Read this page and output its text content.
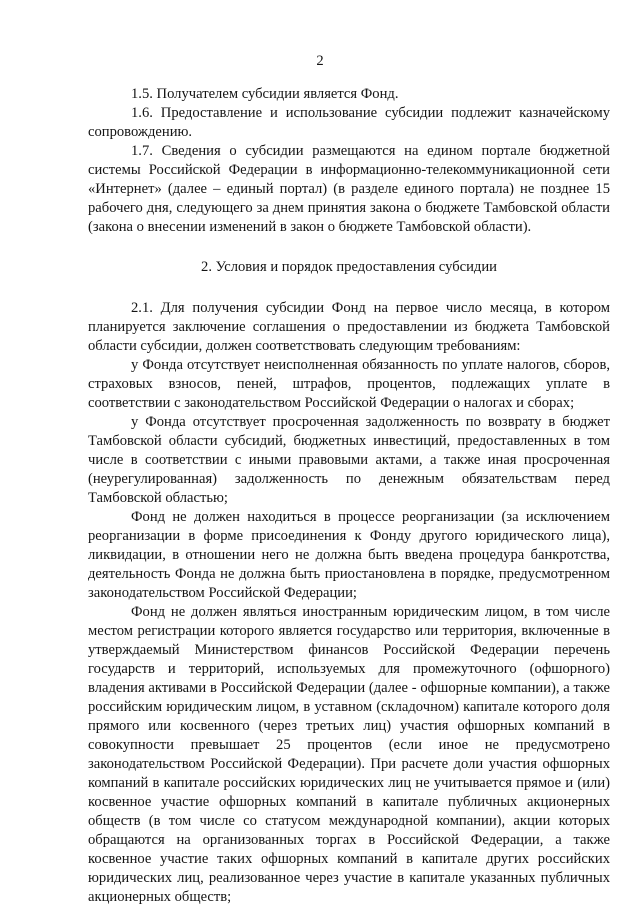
2

1.5. Получателем субсидии является Фонд.

1.6. Предоставление и использование субсидии подлежит казначейскому сопровождению.

1.7. Сведения о субсидии размещаются на едином портале бюджетной системы Российской Федерации в информационно-телекоммуникационной сети «Интернет» (далее – единый портал) (в разделе единого портала) не позднее 15 рабочего дня, следующего за днем принятия закона о бюджете Тамбовской области (закона о внесении изменений в закон о бюджете Тамбовской области).

2. Условия и порядок предоставления субсидии

2.1. Для получения субсидии Фонд на первое число месяца, в котором планируется заключение соглашения о предоставлении из бюджета Тамбовской области субсидии, должен соответствовать следующим требованиям:

у Фонда отсутствует неисполненная обязанность по уплате налогов, сборов, страховых взносов, пеней, штрафов, процентов, подлежащих уплате в соответствии с законодательством Российской Федерации о налогах и сборах;

у Фонда отсутствует просроченная задолженность по возврату в бюджет Тамбовской области субсидий, бюджетных инвестиций, предоставленных в том числе в соответствии с иными правовыми актами, а также иная просроченная (неурегулированная) задолженность по денежным обязательствам перед Тамбовской областью;

Фонд не должен находиться в процессе реорганизации (за исключением реорганизации в форме присоединения к Фонду другого юридического лица), ликвидации, в отношении него не должна быть введена процедура банкротства, деятельность Фонда не должна быть приостановлена в порядке, предусмотренном законодательством Российской Федерации;

Фонд не должен являться иностранным юридическим лицом, в том числе местом регистрации которого является государство или территория, включенные в утверждаемый Министерством финансов Российской Федерации перечень государств и территорий, используемых для промежуточного (офшорного) владения активами в Российской Федерации (далее - офшорные компании), а также российским юридическим лицом, в уставном (складочном) капитале которого доля прямого или косвенного (через третьих лиц) участия офшорных компаний в совокупности превышает 25 процентов (если иное не предусмотрено законодательством Российской Федерации). При расчете доли участия офшорных компаний в капитале российских юридических лиц не учитывается прямое и (или) косвенное участие офшорных компаний в капитале публичных акционерных обществ (в том числе со статусом международной компании), акции которых обращаются на организованных торгах в Российской Федерации, а также косвенное участие таких офшорных компаний в капитале других российских юридических лиц, реализованное через участие в капитале указанных публичных акционерных обществ;
